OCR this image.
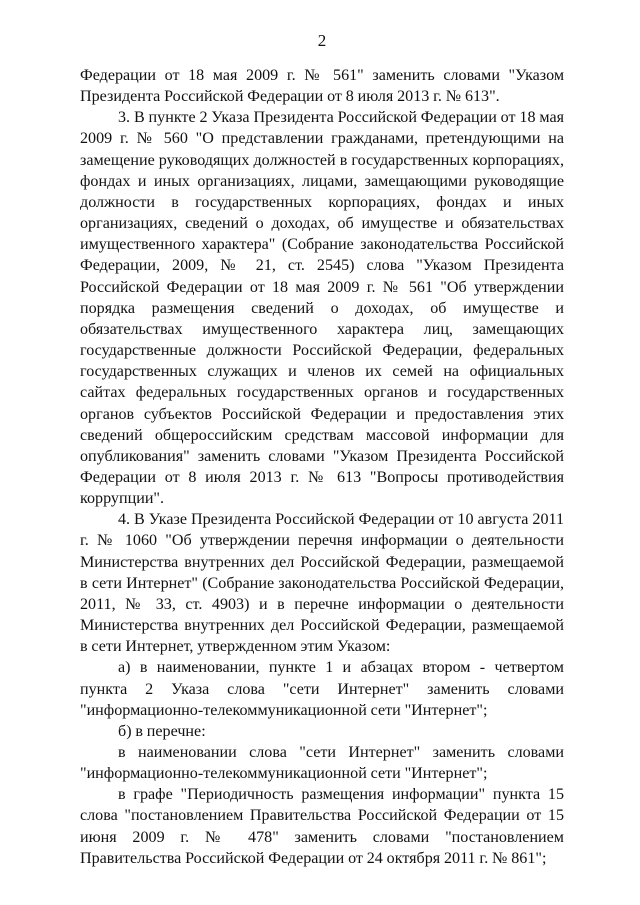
2

Федерации от 18 мая 2009 г. № 561" заменить словами "Указом Президента Российской Федерации от 8 июля 2013 г. № 613".

3. В пункте 2 Указа Президента Российской Федерации от 18 мая 2009 г. № 560 "О представлении гражданами, претендующими на замещение руководящих должностей в государственных корпорациях, фондах и иных организациях, лицами, замещающими руководящие должности в государственных корпорациях, фондах и иных организациях, сведений о доходах, об имуществе и обязательствах имущественного характера" (Собрание законодательства Российской Федерации, 2009, № 21, ст. 2545) слова "Указом Президента Российской Федерации от 18 мая 2009 г. № 561 "Об утверждении порядка размещения сведений о доходах, об имуществе и обязательствах имущественного характера лиц, замещающих государственные должности Российской Федерации, федеральных государственных служащих и членов их семей на официальных сайтах федеральных государственных органов и государственных органов субъектов Российской Федерации и предоставления этих сведений общероссийским средствам массовой информации для опубликования" заменить словами "Указом Президента Российской Федерации от 8 июля 2013 г. № 613 "Вопросы противодействия коррупции".

4. В Указе Президента Российской Федерации от 10 августа 2011 г. № 1060 "Об утверждении перечня информации о деятельности Министерства внутренних дел Российской Федерации, размещаемой в сети Интернет" (Собрание законодательства Российской Федерации, 2011, № 33, ст. 4903) и в перечне информации о деятельности Министерства внутренних дел Российской Федерации, размещаемой в сети Интернет, утвержденном этим Указом:

а) в наименовании, пункте 1 и абзацах втором - четвертом пункта 2 Указа слова "сети Интернет" заменить словами "информационно-телекоммуникационной сети "Интернет";

б) в перечне:

в наименовании слова "сети Интернет" заменить словами "информационно-телекоммуникационной сети "Интернет";

в графе "Периодичность размещения информации" пункта 15 слова "постановлением Правительства Российской Федерации от 15 июня 2009 г. № 478" заменить словами "постановлением Правительства Российской Федерации от 24 октября 2011 г. № 861";
